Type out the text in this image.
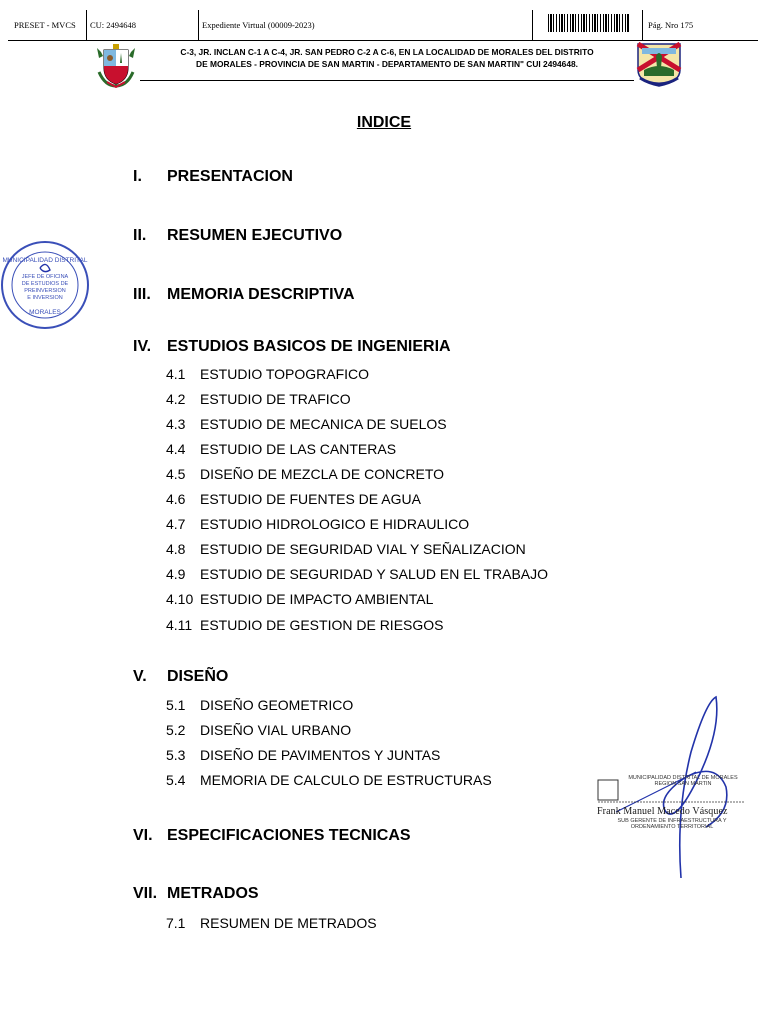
PRESET - MVCS CU: 2494648	Expediente Virtual (00009-2023)	Pág. Nro 175
C-3, JR. INCLAN C-1 A C-4, JR. SAN PEDRO C-2 A C-6, EN LA LOCALIDAD DE MORALES DEL DISTRITO
DE MORALES - PROVINCIA DE SAN MARTIN - DEPARTAMENTO DE SAN MARTIN" CUI 2494648.
INDICE
I. PRESENTACION
II. RESUMEN EJECUTIVO
III. MEMORIA DESCRIPTIVA
IV. ESTUDIOS BASICOS DE INGENIERIA
4.1 ESTUDIO TOPOGRAFICO
4.2 ESTUDIO DE TRAFICO
4.3 ESTUDIO DE MECANICA DE SUELOS
4.4 ESTUDIO DE LAS CANTERAS
4.5 DISEÑO DE MEZCLA DE CONCRETO
4.6 ESTUDIO DE FUENTES DE AGUA
4.7 ESTUDIO HIDROLOGICO E HIDRAULICO
4.8 ESTUDIO DE SEGURIDAD VIAL Y SEÑALIZACION
4.9 ESTUDIO DE SEGURIDAD Y SALUD EN EL TRABAJO
4.10 ESTUDIO DE IMPACTO AMBIENTAL
4.11 ESTUDIO DE GESTION DE RIESGOS
V. DISEÑO
5.1 DISEÑO GEOMETRICO
5.2 DISEÑO VIAL URBANO
5.3 DISEÑO DE PAVIMENTOS Y JUNTAS
5.4 MEMORIA DE CALCULO DE ESTRUCTURAS
VI. ESPECIFICACIONES TECNICAS
VII. METRADOS
7.1 RESUMEN DE METRADOS
MUNICIPALIDAD DISTRITAL
JEFE DE OFICINA
DE ESTUDIOS DE
PREINVERSION
E INVERSION
MORALES
MUNICIPALIDAD DISTRITAL DE MORALES REGION SAN MARTIN
Frank Manuel Macedo Vásquez
SUB GERENTE DE INFRAESTRUCTURA Y ORDENAMIENTO TERRITORIAL
